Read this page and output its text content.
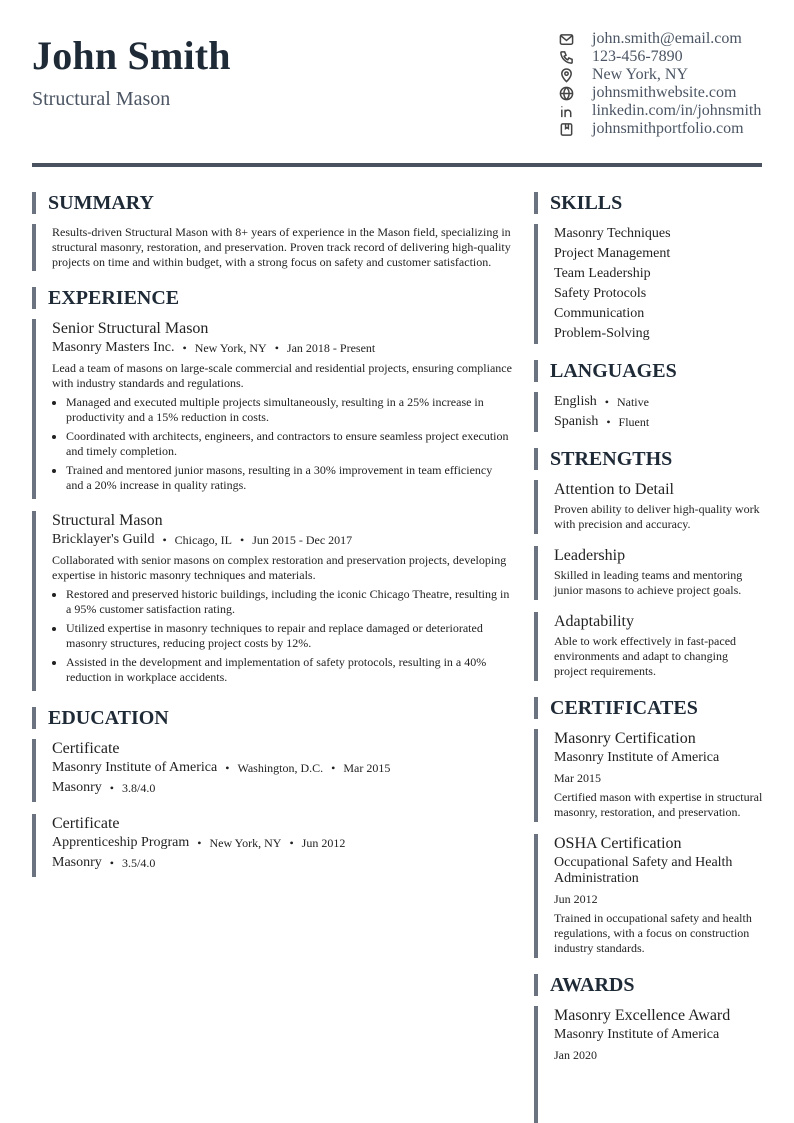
John Smith
Structural Mason
john.smith@email.com
123-456-7890
New York, NY
johnsmithwebsite.com
linkedin.com/in/johnsmith
johnsmithportfolio.com
SUMMARY
Results-driven Structural Mason with 8+ years of experience in the Mason field, specializing in structural masonry, restoration, and preservation. Proven track record of delivering high-quality projects on time and within budget, with a strong focus on safety and customer satisfaction.
EXPERIENCE
Senior Structural Mason
Masonry Masters Inc. • New York, NY • Jan 2018 - Present
Lead a team of masons on large-scale commercial and residential projects, ensuring compliance with industry standards and regulations.
• Managed and executed multiple projects simultaneously, resulting in a 25% increase in productivity and a 15% reduction in costs.
• Coordinated with architects, engineers, and contractors to ensure seamless project execution and timely completion.
• Trained and mentored junior masons, resulting in a 30% improvement in team efficiency and a 20% increase in quality ratings.
Structural Mason
Bricklayer's Guild • Chicago, IL • Jun 2015 - Dec 2017
Collaborated with senior masons on complex restoration and preservation projects, developing expertise in historic masonry techniques and materials.
• Restored and preserved historic buildings, including the iconic Chicago Theatre, resulting in a 95% customer satisfaction rating.
• Utilized expertise in masonry techniques to repair and replace damaged or deteriorated masonry structures, reducing project costs by 12%.
• Assisted in the development and implementation of safety protocols, resulting in a 40% reduction in workplace accidents.
EDUCATION
Certificate
Masonry Institute of America • Washington, D.C. • Mar 2015
Masonry • 3.8/4.0
Certificate
Apprenticeship Program • New York, NY • Jun 2012
Masonry • 3.5/4.0
SKILLS
Masonry Techniques
Project Management
Team Leadership
Safety Protocols
Communication
Problem-Solving
LANGUAGES
English • Native
Spanish • Fluent
STRENGTHS
Attention to Detail
Proven ability to deliver high-quality work with precision and accuracy.
Leadership
Skilled in leading teams and mentoring junior masons to achieve project goals.
Adaptability
Able to work effectively in fast-paced environments and adapt to changing project requirements.
CERTIFICATES
Masonry Certification
Masonry Institute of America
Mar 2015
Certified mason with expertise in structural masonry, restoration, and preservation.
OSHA Certification
Occupational Safety and Health Administration
Jun 2012
Trained in occupational safety and health regulations, with a focus on construction industry standards.
AWARDS
Masonry Excellence Award
Masonry Institute of America
Jan 2020
